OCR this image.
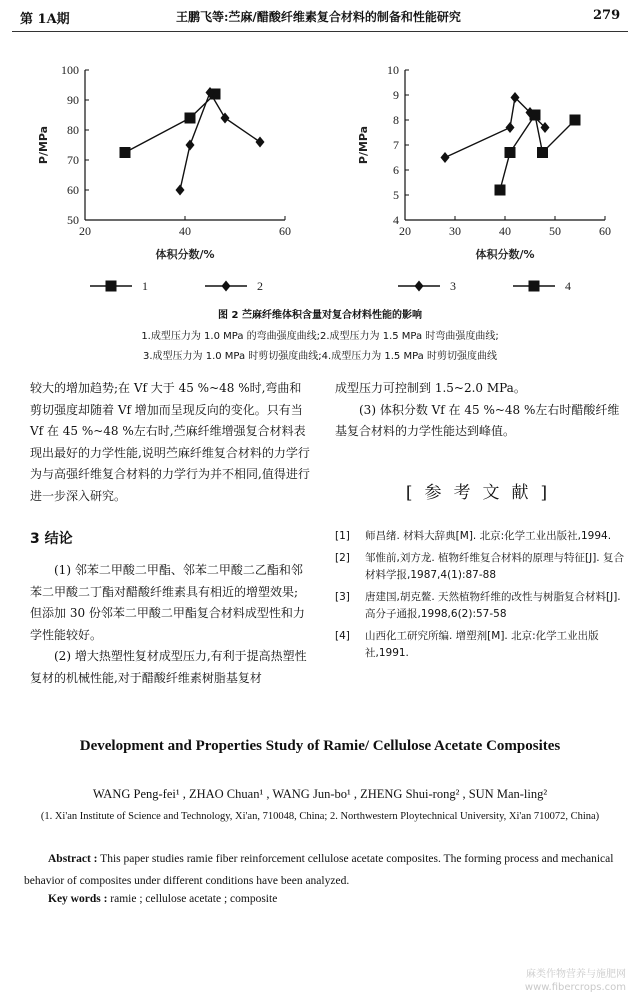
第 1A期	王鹏飞等:苎麻/醋酸纤维素复合材料的制备和性能研究	279
50
60
70
80
90
100
20	40	60
体积分数/%
P/MPa
4
5
6
7
8
9
10
20	30	40	50	60
体积分数/%
P/MPa
1	2	3	4
图 2 苎麻纤维体积含量对复合材料性能的影响
1.成型压力为 1.0 MPa 的弯曲强度曲线;2.成型压力为 1.5 MPa 时弯曲强度曲线;
3.成型压力为 1.0 MPa 时剪切强度曲线;4.成型压力为 1.5 MPa 时剪切强度曲线

较大的增加趋势;在 Vf 大于 45 %~48 %时,弯曲和剪切强度却随着 Vf 增加而呈现反向的变化。只有当 Vf 在 45 %~48 %左右时,苎麻纤维增强复合材料表现出最好的力学性能,说明苎麻纤维复合材料的力学行为与高强纤维复合材料的力学行为并不相同,值得进行进一步深入研究。

3 结论

(1) 邻苯二甲酸二甲酯、邻苯二甲酸二乙酯和邻苯二甲酸二丁酯对醋酸纤维素具有相近的增塑效果;但添加 30 份邻苯二甲酸二甲酯复合材料成型性和力学性能较好。

(2) 增大热塑性复材成型压力,有利于提高热塑性复材的机械性能,对于醋酸纤维素树脂基复材

成型压力可控制到 1.5~2.0 MPa。

(3) 体积分数 Vf 在 45 %~48 %左右时醋酸纤维基复合材料的力学性能达到峰值。

[参考文献]
[1] 师昌绪. 材料大辞典[M]. 北京:化学工业出版社,1994.
[2] 邹惟前,刘方龙. 植物纤维复合材料的原理与特征[J]. 复合材料学报,1987,4(1):87-88
[3] 唐建国,胡克鳌. 天然植物纤维的改性与树脂复合材料[J]. 高分子通报,1998,6(2):57-58
[4] 山西化工研究所编. 增塑剂[M]. 北京:化学工业出版社,1991.
Development and Properties Study of Ramie/ Cellulose Acetate Composites
WANG Peng-fei¹ , ZHAO Chuan¹ , WANG Jun-bo¹ , ZHENG Shui-rong² , SUN Man-ling²
(1. Xi'an Institute of Science and Technology, Xi'an, 710048, China; 2. Northwestern Ploytechnical University, Xi'an 710072, China)
Abstract : This paper studies ramie fiber reinforcement cellulose acetate composites. The forming process and mechanical behavior of composites under different conditions have been analyzed.
Key words : ramie ; cellulose acetate ; composite
麻类作物营养与施肥网
www.fibercrops.com
